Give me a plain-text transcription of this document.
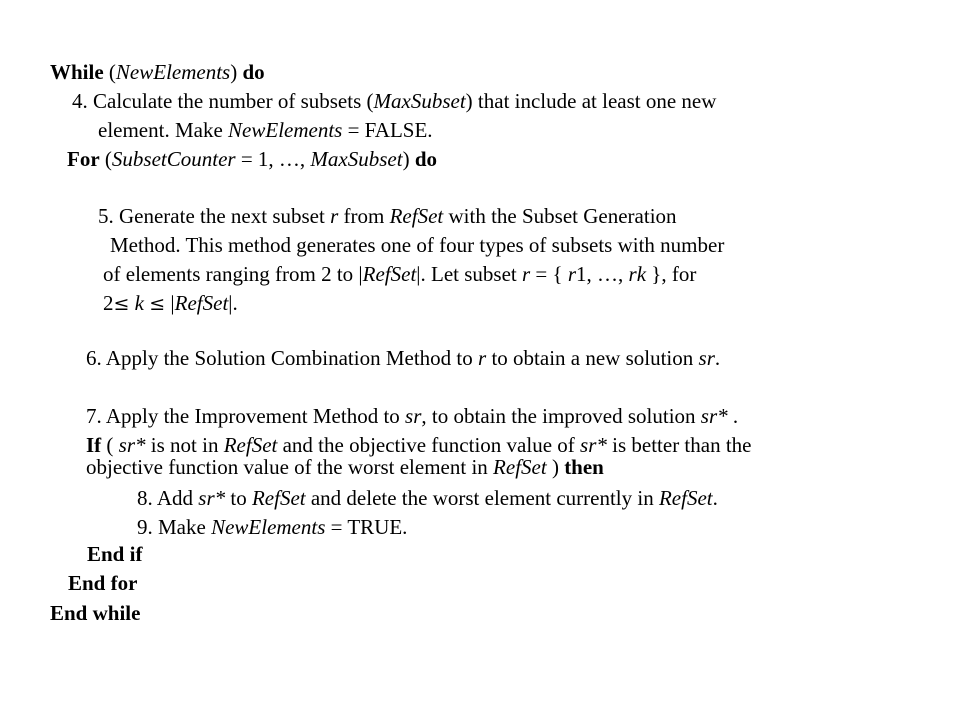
While (NewElements) do
4. Calculate the number of subsets (MaxSubset) that include at least one new
element. Make NewElements = FALSE.
For (SubsetCounter = 1, …, MaxSubset) do
5. Generate the next subset r from RefSet with the Subset Generation
Method. This method generates one of four types of subsets with number
of elements ranging from 2 to |RefSet|. Let subset r = { r1, …, rk }, for
2≤ k ≤ |RefSet|.
6. Apply the Solution Combination Method to r to obtain a new solution sr.
7. Apply the Improvement Method to sr, to obtain the improved solution sr* .
If ( sr* is not in RefSet and the objective function value of sr* is better than the
objective function value of the worst element in RefSet ) then
8. Add sr* to RefSet and delete the worst element currently in RefSet.
9. Make NewElements = TRUE.
End if
End for
End while
